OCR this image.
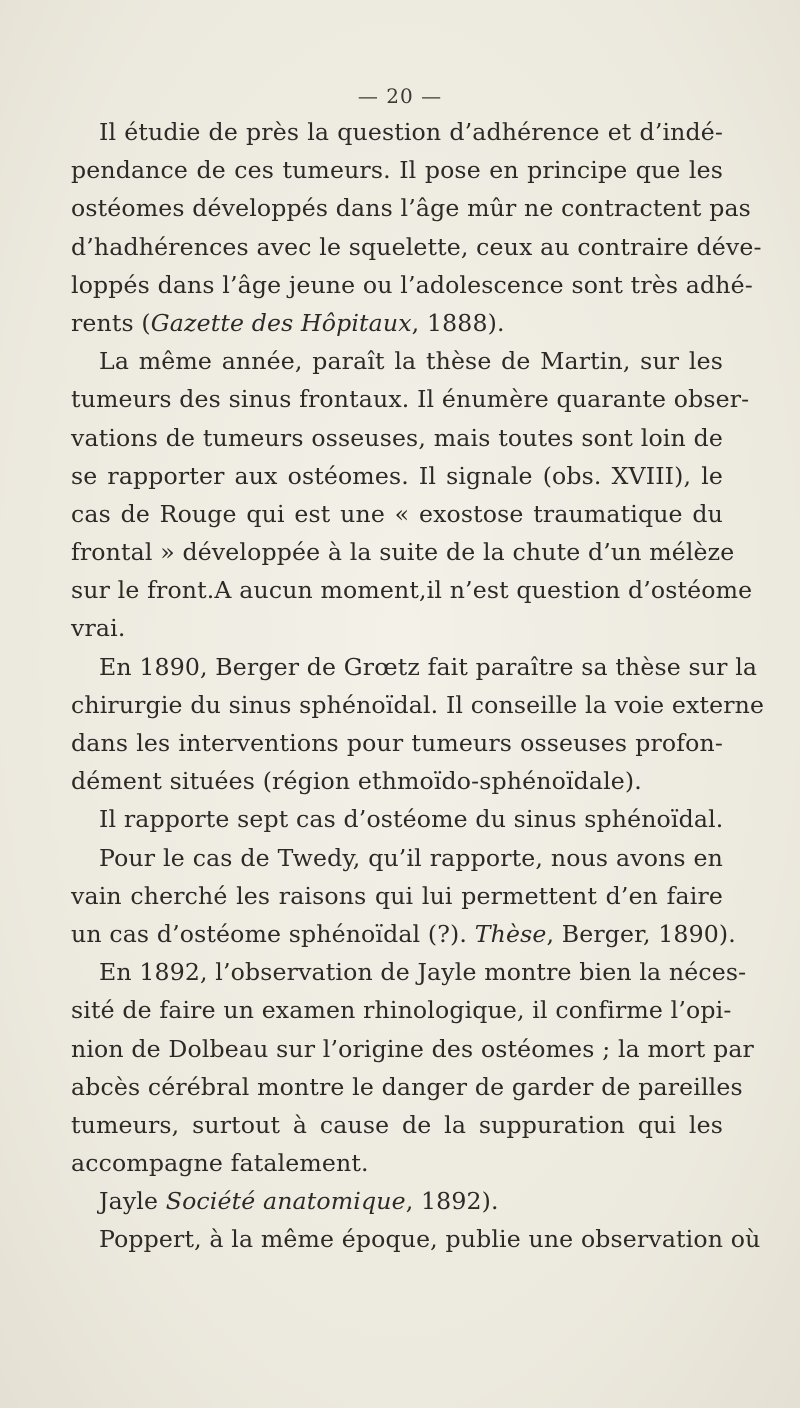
— 20 —
Il étudie de près la question d’adhérence et d’indé-
pendance de ces tumeurs. Il pose en principe que les
ostéomes développés dans l’âge mûr ne contractent pas
d’hadhérences avec le squelette, ceux au contraire déve-
loppés dans l’âge jeune ou l’adolescence sont très adhé-
rents (Gazette des Hôpitaux, 1888).
La même année, paraît la thèse de Martin, sur les
tumeurs des sinus frontaux. Il énumère quarante obser-
vations de tumeurs osseuses, mais toutes sont loin de
se rapporter aux ostéomes. Il signale (obs. XVIII), le
cas de Rouge qui est une « exostose traumatique du
frontal » développée à la suite de la chute d’un mélèze
sur le front.A aucun moment,il n’est question d’ostéome
vrai.
En 1890, Berger de Grœtz fait paraître sa thèse sur la
chirurgie du sinus sphénoïdal. Il conseille la voie externe
dans les interventions pour tumeurs osseuses profon-
dément situées (région ethmoïdo-sphénoïdale).
Il rapporte sept cas d’ostéome du sinus sphénoïdal.
Pour le cas de Twedy, qu’il rapporte, nous avons en
vain cherché les raisons qui lui permettent d’en faire
un cas d’ostéome sphénoïdal (?). Thèse, Berger, 1890).
En 1892, l’observation de Jayle montre bien la néces-
sité de faire un examen rhinologique, il confirme l’opi-
nion de Dolbeau sur l’origine des ostéomes ; la mort par
abcès cérébral montre le danger de garder de pareilles
tumeurs, surtout à cause de la suppuration qui les
accompagne fatalement.
Jayle Société anatomique, 1892).
Poppert, à la même époque, publie une observation où
